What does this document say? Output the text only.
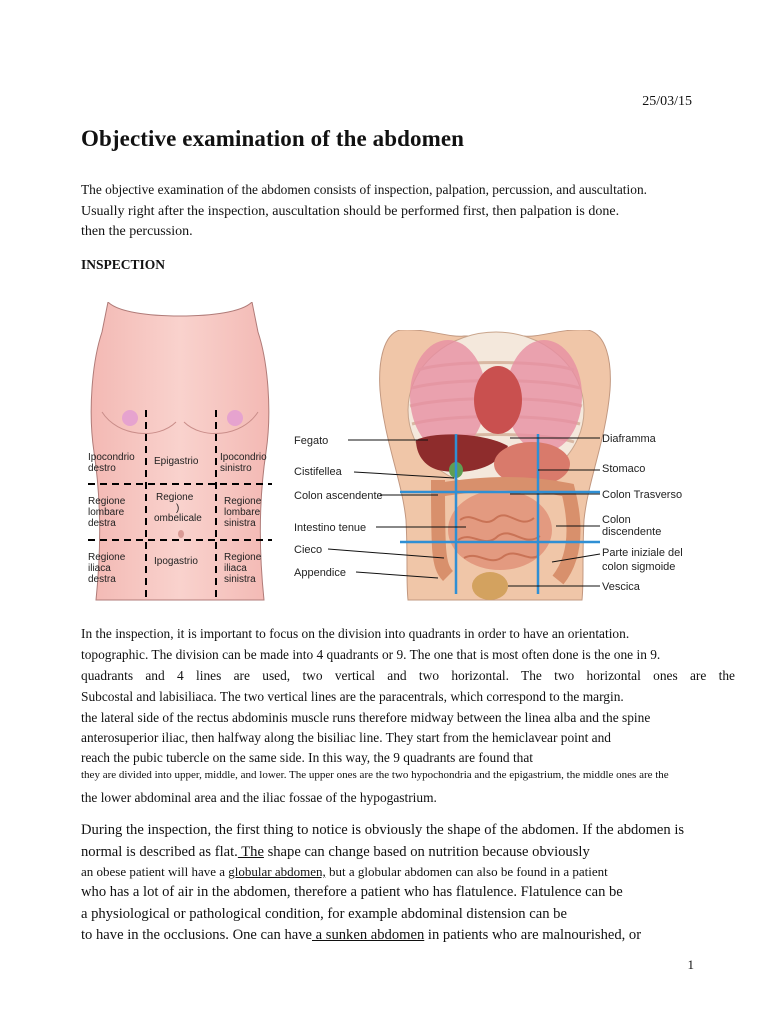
25/03/15
Objective examination of the abdomen
The objective examination of the abdomen consists of inspection, palpation, percussion, and auscultation.
Usually right after the inspection, auscultation should be performed first, then palpation is done.
then the percussion.
INSPECTION
Ipocondrio destro
Epigastrio Ipocondrio sinistro
Regione lombare destra
Regione ) ombelicale
Regione lombare sinistra
Regione iliaca destra
Ipogastrio	Regione iliaca sinistra
Fegato
Cistifellea
Colon ascendente
Intestino tenue
Cieco
Appendice
Diaframma
Stomaco
Colon Trasverso
Colon discendente
Parte iniziale del colon sigmoide
Vescica
In the inspection, it is important to focus on the division into quadrants in order to have an orientation.
topographic. The division can be made into 4 quadrants or 9. The one that is most often done is the one in 9.
quadrants and 4 lines are used, two vertical and two horizontal. The two horizontal ones are the
Subcostal and labisiliaca. The two vertical lines are the paracentrals, which correspond to the margin.
the lateral side of the rectus abdominis muscle runs therefore midway between the linea alba and the spine
anterosuperior iliac, then halfway along the bisiliac line. They start from the hemiclavear point and
reach the pubic tubercle on the same side. In this way, the 9 quadrants are found that
they are divided into upper, middle, and lower. The upper ones are the two hypochondria and the epigastrium, the middle ones are the
the lower abdominal area and the iliac fossae of the hypogastrium.
During the inspection, the first thing to notice is obviously the shape of the abdomen. If the abdomen is
normal is described as flat. The shape can change based on nutrition because obviously
an obese patient will have a globular abdomen, but a globular abdomen can also be found in a patient
who has a lot of air in the abdomen, therefore a patient who has flatulence. Flatulence can be
a physiological or pathological condition, for example abdominal distension can be
to have in the occlusions. One can have a sunken abdomen in patients who are malnourished, or
1
